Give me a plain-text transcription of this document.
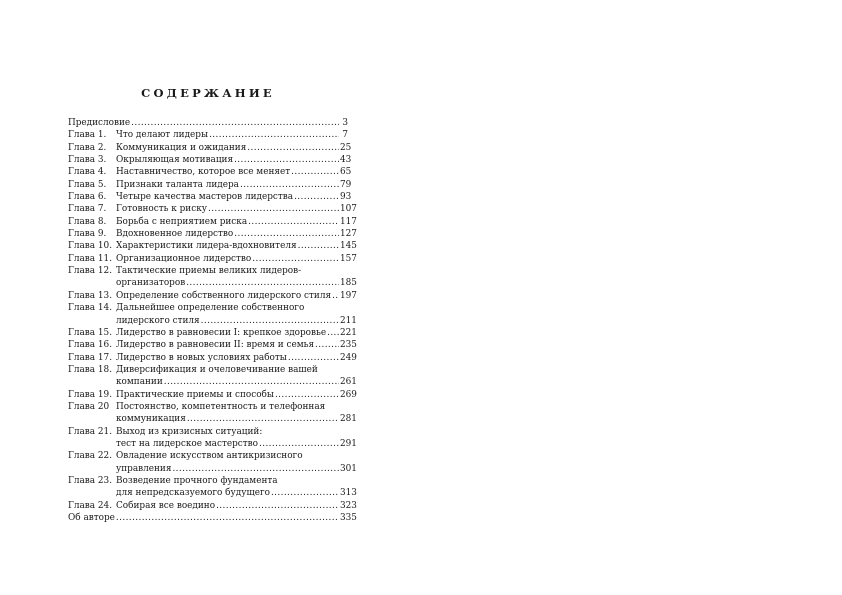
СОДЕРЖАНИЕ
Предисловие .....	3
Глава 1.	Что делают лидеры .....	7
Глава 2.	Коммуникация и ожидания .....	25
Глава 3.	Окрыляющая мотивация .....	43
Глава 4.	Наставничество, которое все меняет .....	65
Глава 5.	Признаки таланта лидера .....	79
Глава 6.	Четыре качества мастеров лидерства .....	93
Глава 7.	Готовность к риску .....	107
Глава 8.	Борьба с неприятием риска .....	117
Глава 9.	Вдохновенное лидерство .....	127
Глава 10. Характеристики лидера-вдохновителя .....	145
Глава 11. Организационное лидерство .....	157
Глава 12. Тактические приемы великих лидеров-
организаторов .....	185
Глава 13. Определение собственного лидерского стиля ..... 197
Глава 14. Дальнейшее определение собственного
лидерского стиля .....	211
Глава 15. Лидерство в равновесии I: крепкое здоровье ..... 221
Глава 16. Лидерство в равновесии II: время и семья .....	235
Глава 17. Лидерство в новых условиях работы .....	249
Глава 18. Диверсификация и очеловечивание вашей
компании .....	261
Глава 19. Практические приемы и способы .....	269
Глава 20 Постоянство, компетентность и телефонная
коммуникация .....	281
Глава 21. Выход из кризисных ситуаций:
тест на лидерское мастерство .....	291
Глава 22. Овладение искусством антикризисного
управления .....	301
Глава 23. Возведение прочного фундамента
для непредсказуемого будущего .....	313
Глава 24. Собирая все воедино .....	323
Об авторе .....	335
